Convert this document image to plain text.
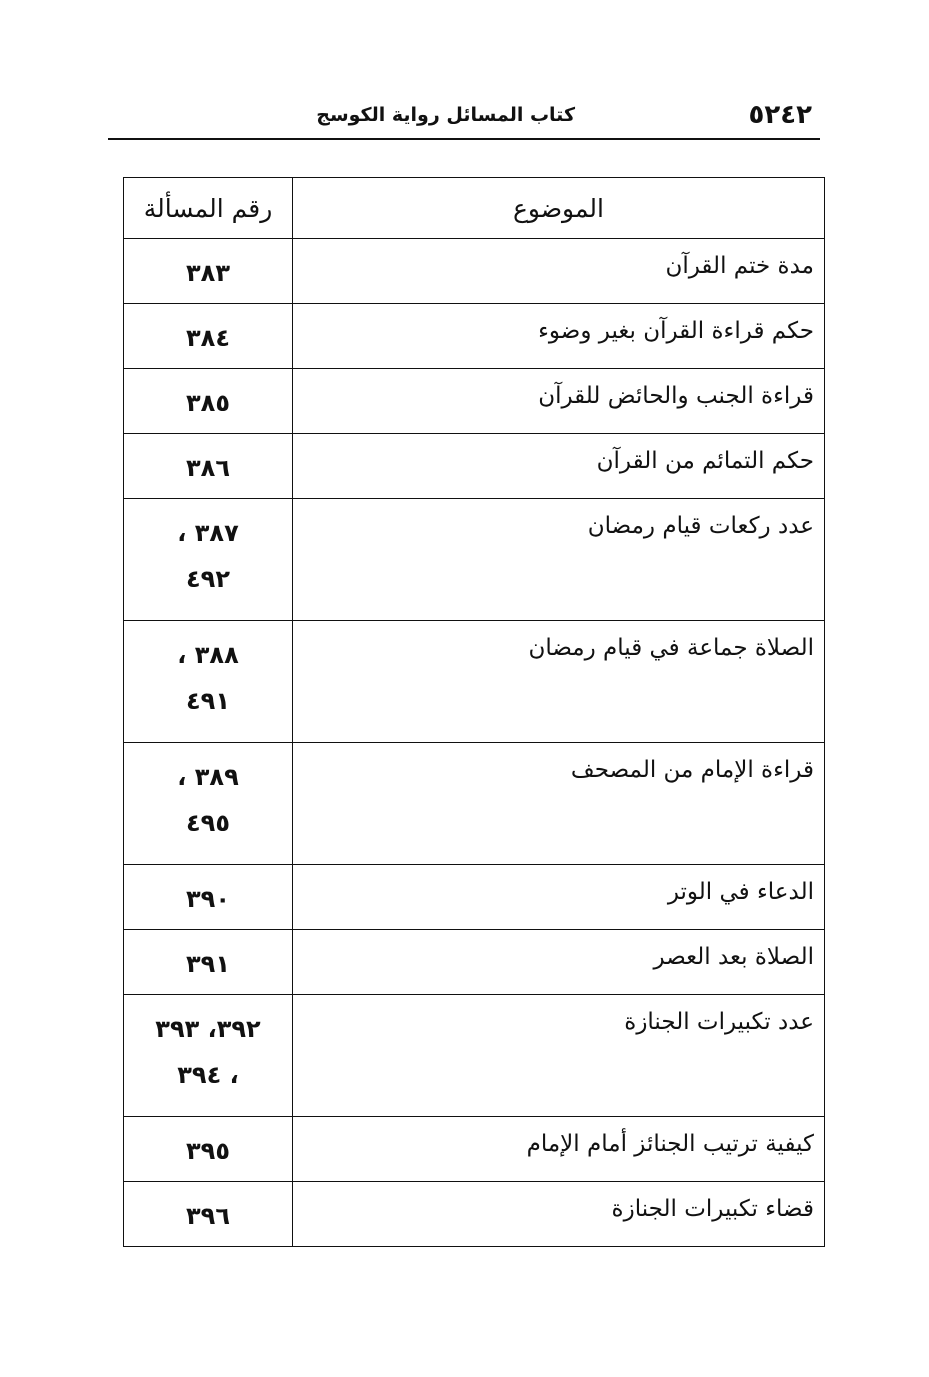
٥٢٤٢
كتاب المسائل رواية الكوسج
الموضوع	رقم المسألة
مدة ختم القرآن	٣٨٣

حكم قراءة القرآن بغير وضوء	٣٨٤

قراءة الجنب والحائض للقرآن	٣٨٥

حكم التمائم من القرآن	٣٨٦

عدد ركعات قيام رمضان	٣٨٧ ،
٤٩٢

الصلاة جماعة في قيام رمضان	٣٨٨ ،
٤٩١

قراءة الإمام من المصحف	٣٨٩ ،
٤٩٥

الدعاء في الوتر	٣٩٠

الصلاة بعد العصر	٣٩١

عدد تكبيرات الجنازة	٣٩٢، ٣٩٣
، ٣٩٤

كيفية ترتيب الجنائز أمام الإمام	٣٩٥

قضاء تكبيرات الجنازة	٣٩٦
